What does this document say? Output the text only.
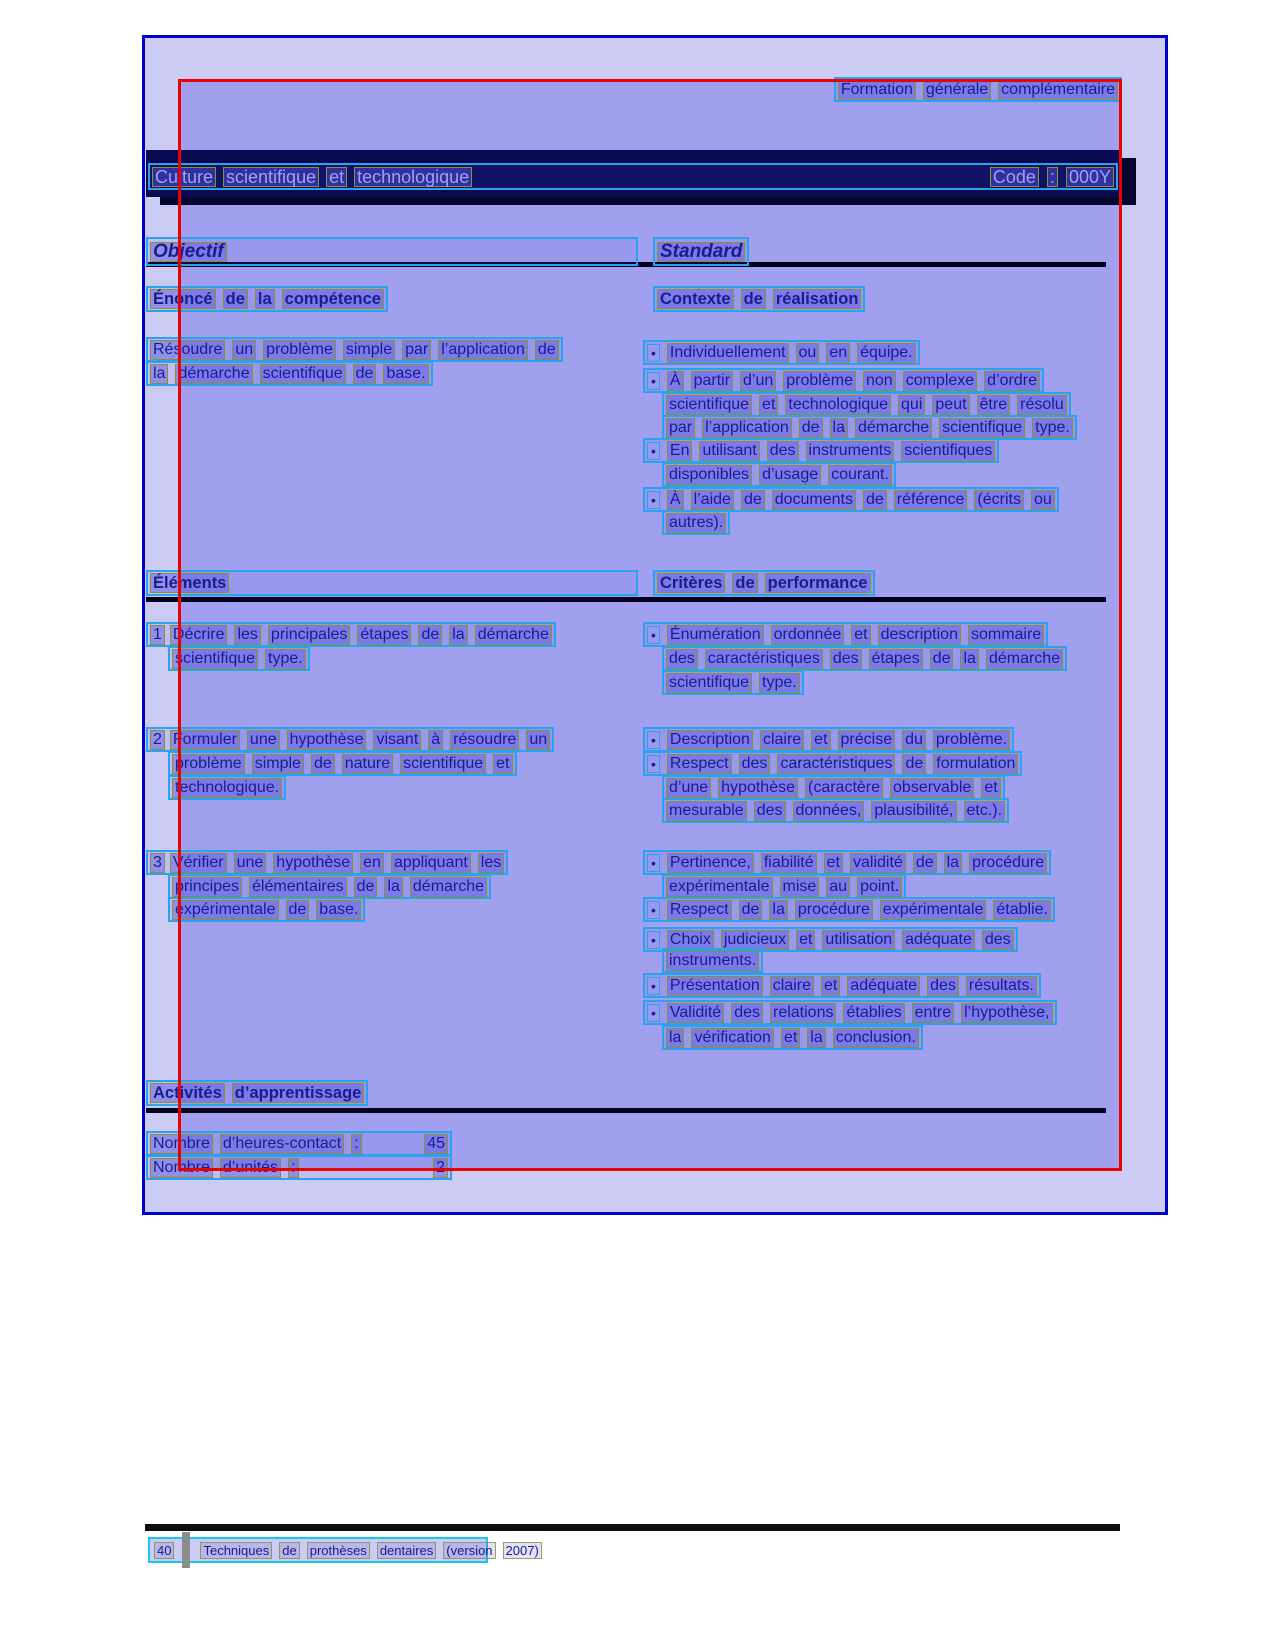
Formation générale complémentaire
Culture scientifique et technologique	Code : 000Y
Objectif	Standard
Énoncé de la compétence	Contexte de réalisation
Résoudre un problème simple par l’application de
la démarche scientifique de base.
• Individuellement ou en équipe.
• À partir d’un problème non complexe d’ordre
scientifique et technologique qui peut être résolu
par l’application de la démarche scientifique type.
• En utilisant des instruments scientifiques
disponibles d’usage courant.
• À l’aide de documents de référence (écrits ou
autres).
Éléments	Critères de performance
1 Décrire les principales étapes de la démarche
scientifique type.
• Énumération ordonnée et description sommaire
des caractéristiques des étapes de la démarche
scientifique type.
2 Formuler une hypothèse visant à résoudre un
problème simple de nature scientifique et
technologique.
• Description claire et précise du problème.
• Respect des caractéristiques de formulation
d’une hypothèse (caractère observable et
mesurable des données, plausibilité, etc.).
3 Vérifier une hypothèse en appliquant les
principes élémentaires de la démarche
expérimentale de base.
• Pertinence, fiabilité et validité de la procédure
expérimentale mise au point.
• Respect de la procédure expérimentale établie.
• Choix judicieux et utilisation adéquate des
instruments.
• Présentation claire et adéquate des résultats.
• Validité des relations établies entre l’hypothèse,
la vérification et la conclusion.
Activités d’apprentissage
Nombre d’heures-contact :	45
Nombre d’unités :	2
40 Techniques de prothèses dentaires (version 2007)
